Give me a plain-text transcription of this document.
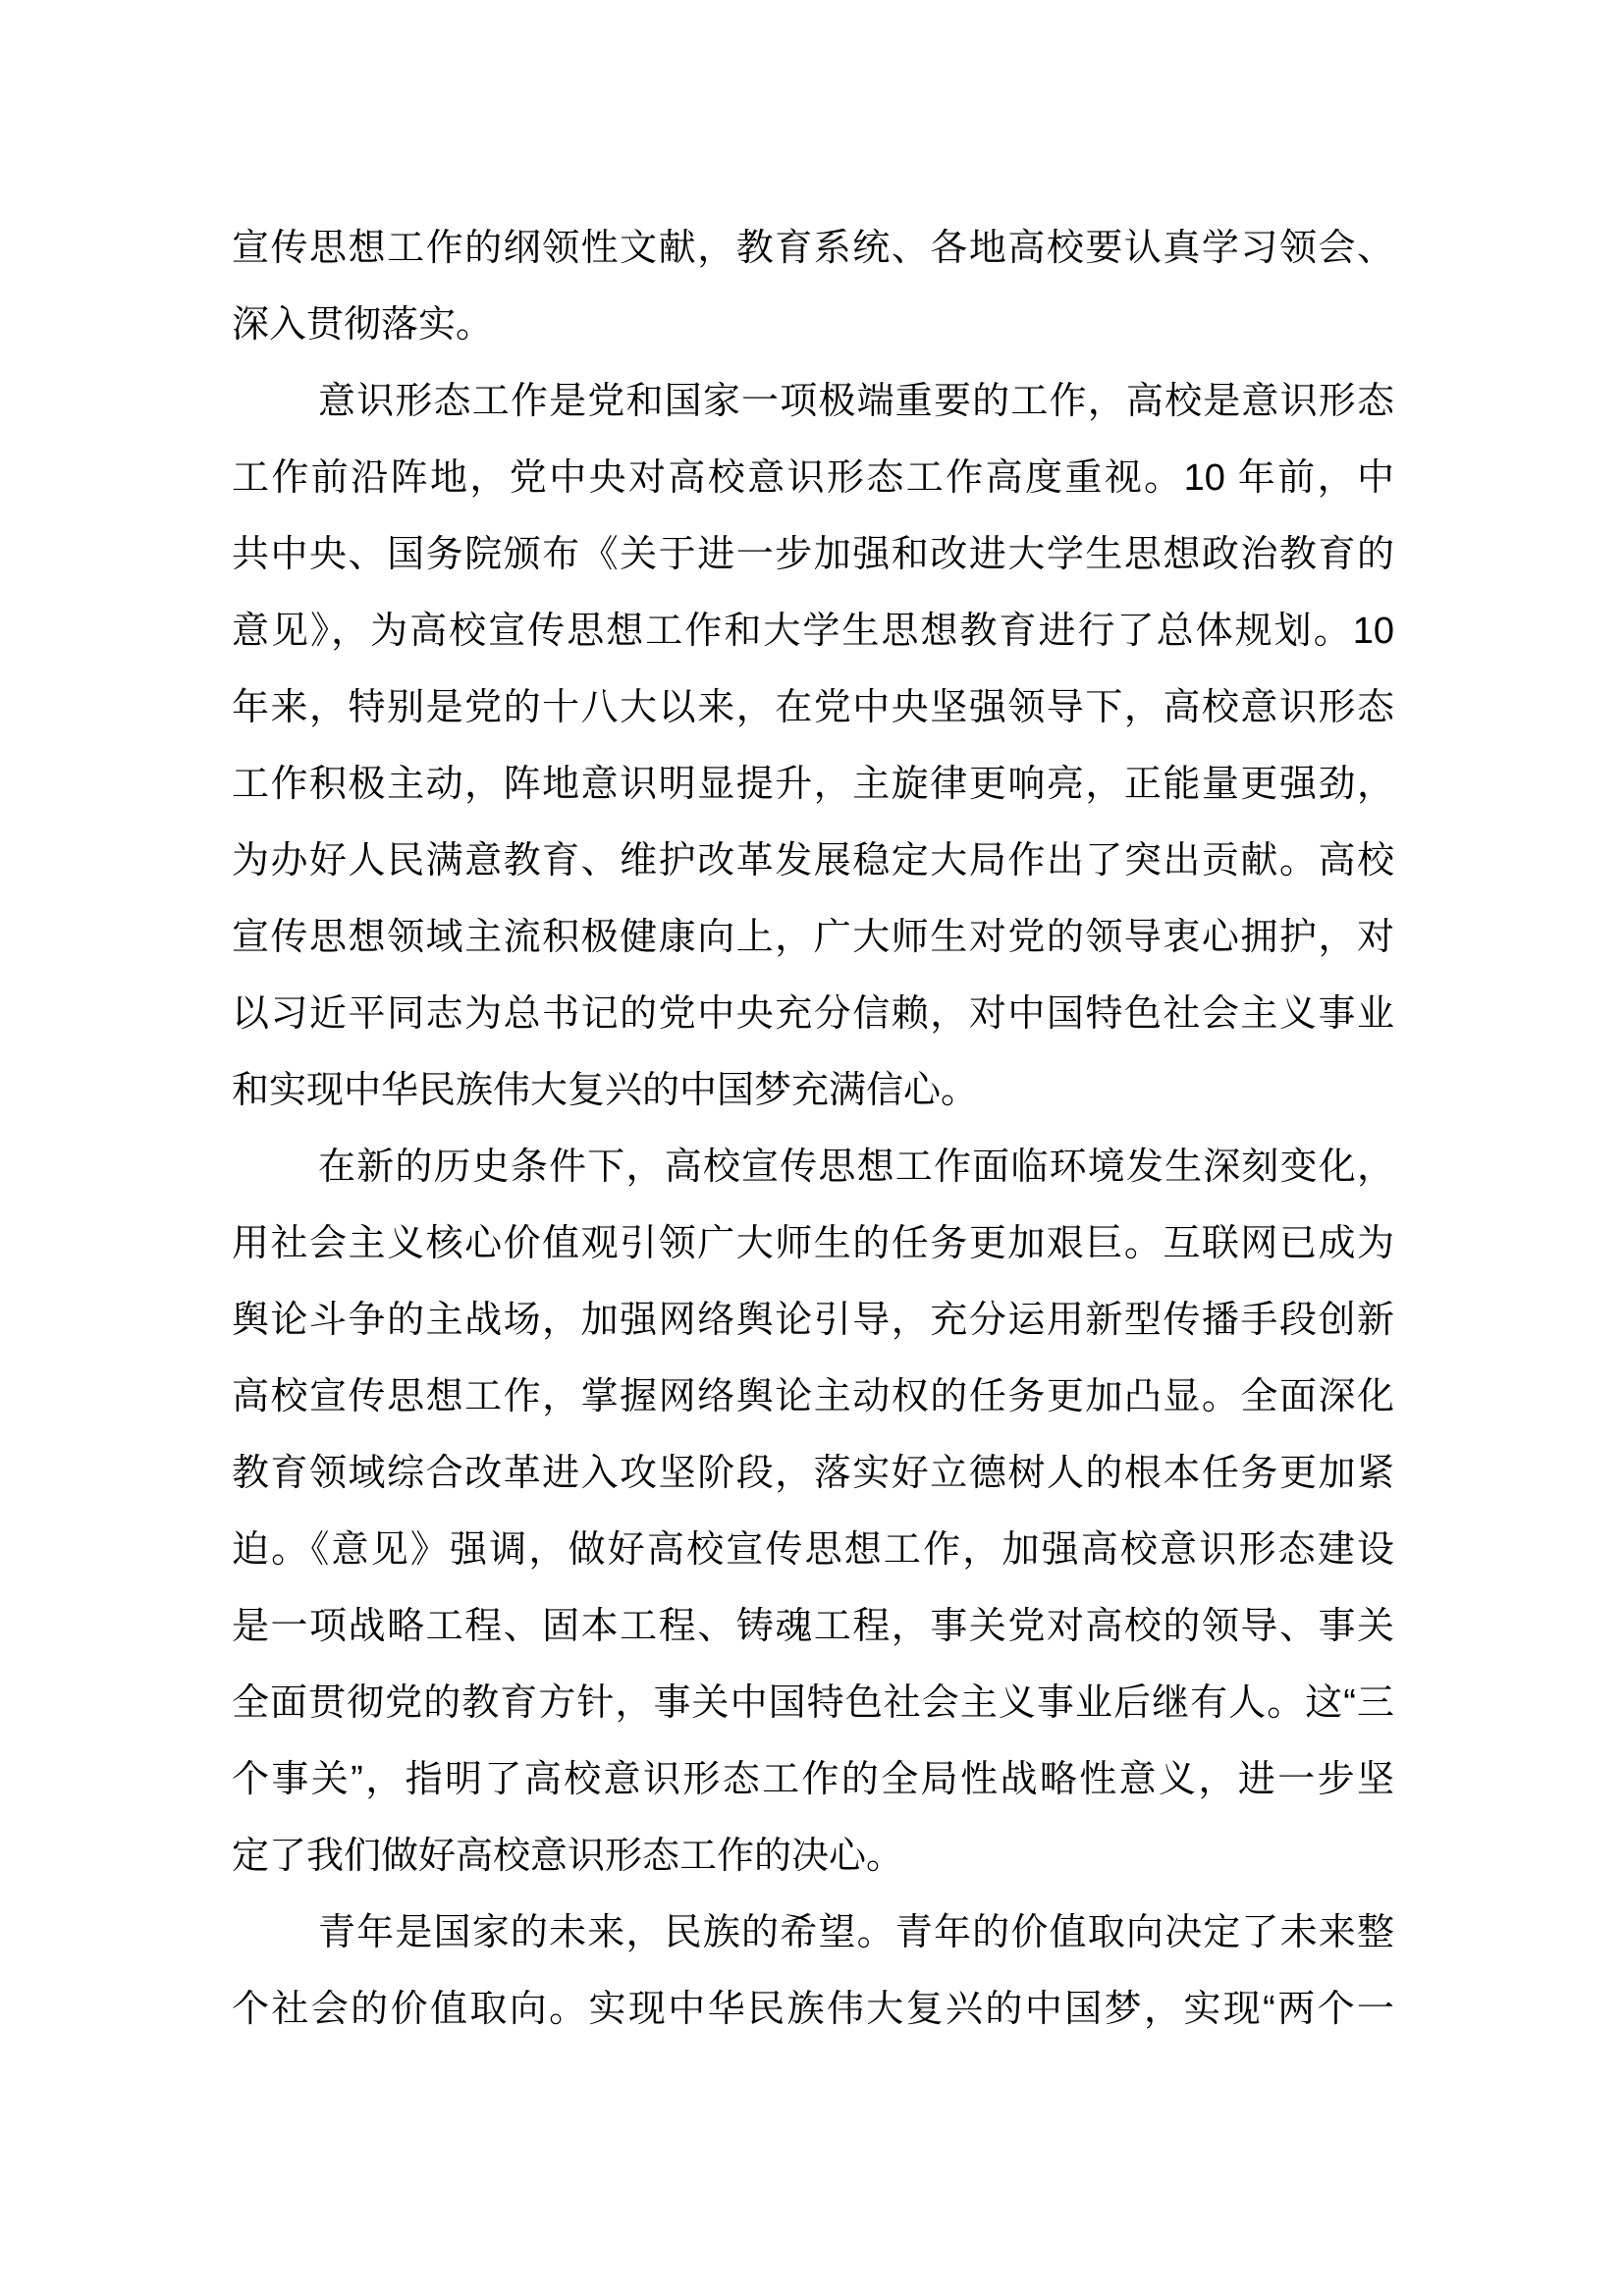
宣传思想工作的纲领性文献，教育系统、各地高校要认真学习领会、
深入贯彻落实。
意识形态工作是党和国家一项极端重要的工作，高校是意识形态
工作前沿阵地，党中央对高校意识形态工作高度重视。10 年前，中
共中央、国务院颁布《关于进一步加强和改进大学生思想政治教育的
意见》，为高校宣传思想工作和大学生思想教育进行了总体规划。10
年来，特别是党的十八大以来，在党中央坚强领导下，高校意识形态
工作积极主动，阵地意识明显提升，主旋律更响亮，正能量更强劲，
为办好人民满意教育、维护改革发展稳定大局作出了突出贡献。高校
宣传思想领域主流积极健康向上，广大师生对党的领导衷心拥护，对
以习近平同志为总书记的党中央充分信赖，对中国特色社会主义事业
和实现中华民族伟大复兴的中国梦充满信心。
在新的历史条件下，高校宣传思想工作面临环境发生深刻变化，
用社会主义核心价值观引领广大师生的任务更加艰巨。互联网已成为
舆论斗争的主战场，加强网络舆论引导，充分运用新型传播手段创新
高校宣传思想工作，掌握网络舆论主动权的任务更加凸显。全面深化
教育领域综合改革进入攻坚阶段，落实好立德树人的根本任务更加紧
迫。《意见》强调，做好高校宣传思想工作，加强高校意识形态建设
是一项战略工程、固本工程、铸魂工程，事关党对高校的领导、事关
全面贯彻党的教育方针，事关中国特色社会主义事业后继有人。这“三
个事关”，指明了高校意识形态工作的全局性战略性意义，进一步坚
定了我们做好高校意识形态工作的决心。
青年是国家的未来，民族的希望。青年的价值取向决定了未来整
个社会的价值取向。实现中华民族伟大复兴的中国梦，实现“两个一
